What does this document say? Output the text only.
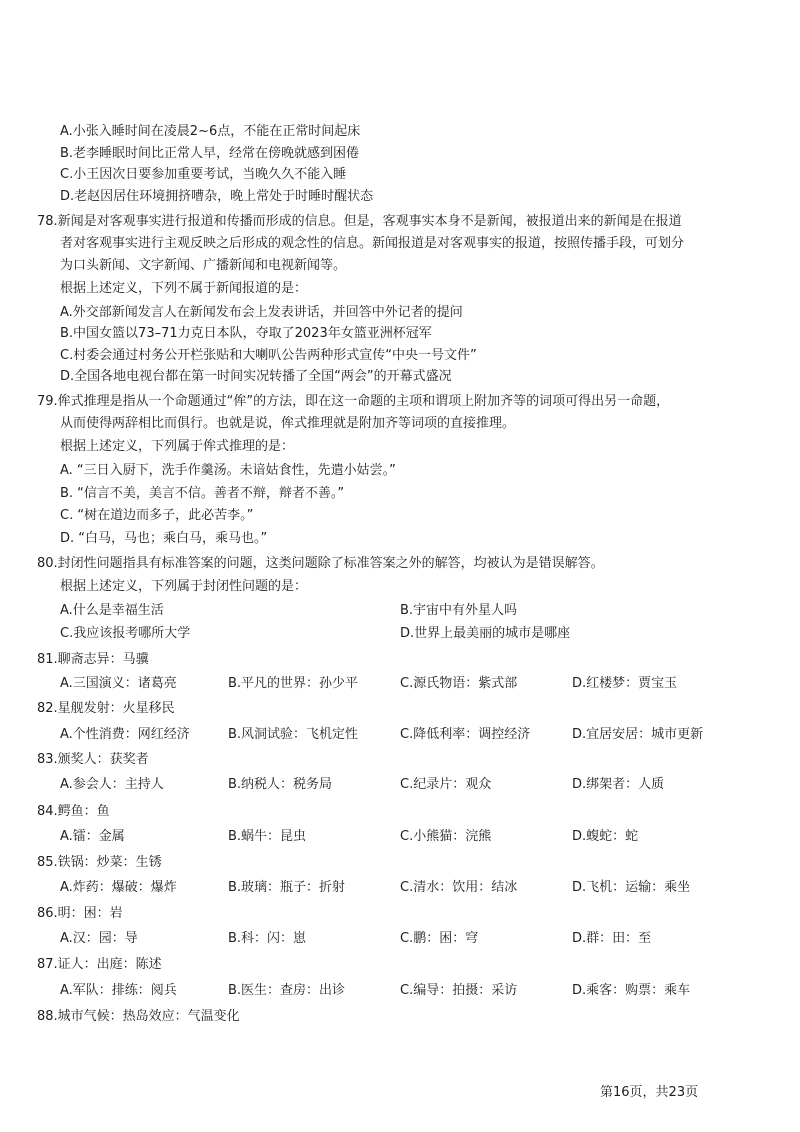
A.小张入睡时间在凌晨2~6点，不能在正常时间起床
B.老李睡眠时间比正常人早，经常在傍晚就感到困倦
C.小王因次日要参加重要考试，当晚久久不能入睡
D.老赵因居住环境拥挤嘈杂，晚上常处于时睡时醒状态
78.新闻是对客观事实进行报道和传播而形成的信息。但是，客观事实本身不是新闻，被报道出来的新闻是在报道
者对客观事实进行主观反映之后形成的观念性的信息。新闻报道是对客观事实的报道，按照传播手段，可划分
为口头新闻、文字新闻、广播新闻和电视新闻等。
根据上述定义，下列不属于新闻报道的是：
A.外交部新闻发言人在新闻发布会上发表讲话，并回答中外记者的提问
B.中国女篮以73–71力克日本队，夺取了2023年女篮亚洲杯冠军
C.村委会通过村务公开栏张贴和大喇叭公告两种形式宣传“中央一号文件”
D.全国各地电视台都在第一时间实况转播了全国“两会”的开幕式盛况
79.侔式推理是指从一个命题通过“侔”的方法，即在这一命题的主项和谓项上附加齐等的词项可得出另一命题，
从而使得两辞相比而俱行。也就是说，侔式推理就是附加齐等词项的直接推理。
根据上述定义，下列属于侔式推理的是：
A. “三日入厨下，洗手作羹汤。未谙姑食性，先遣小姑尝。”
B. “信言不美，美言不信。善者不辩，辩者不善。”
C. “树在道边而多子，此必苦李。”
D. “白马，马也；乘白马，乘马也。”
80.封闭性问题指具有标准答案的问题，这类问题除了标准答案之外的解答，均被认为是错误解答。
根据上述定义，下列属于封闭性问题的是：
A.什么是幸福生活	B.宇宙中有外星人吗
C.我应该报考哪所大学	D.世界上最美丽的城市是哪座
81.聊斋志异：马骥
A.三国演义：诸葛亮	B.平凡的世界：孙少平	C.源氏物语：紫式部	D.红楼梦：贾宝玉
82.星舰发射：火星移民
A.个性消费：网红经济	B.风洞试验：飞机定性	C.降低利率：调控经济	D.宜居安居：城市更新
83.颁奖人：获奖者
A.参会人：主持人	B.纳税人：税务局	C.纪录片：观众	D.绑架者：人质
84.鳄鱼：鱼
A.镭：金属	B.蜗牛：昆虫	C.小熊猫：浣熊	D.蝮蛇：蛇
85.铁锅：炒菜：生锈
A.炸药：爆破：爆炸	B.玻璃：瓶子：折射	C.清水：饮用：结冰	D.飞机：运输：乘坐
86.明：困：岩
A.汉：园：导	B.科：闪：崽	C.鹏：困：穹	D.群：田：至
87.证人：出庭：陈述
A.军队：排练：阅兵	B.医生：查房：出诊	C.编导：拍摄：采访	D.乘客：购票：乘车
88.城市气候：热岛效应：气温变化
第16页，共23页
